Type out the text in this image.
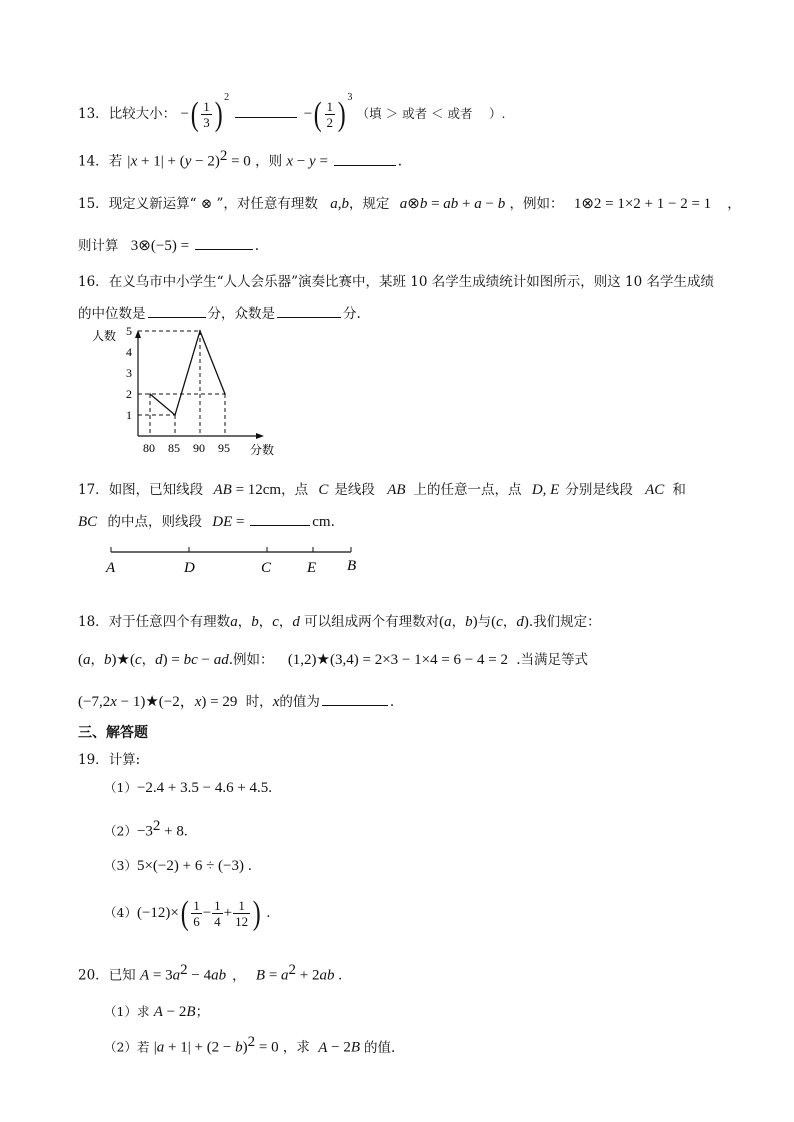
13．比较大小： −( $\frac{1}{3}$ ) $^2$  −( $\frac{1}{2}$ ) $^3$ （填 ＞ 或者 ＜ 或者 　）.
14．若 $|x + 1| + (y - 2)^2 = 0$ ，则 x − y =	.
15．现定义新运算“ ⊗ ”，对任意有理数 a,b，规定 a⊗b = ab + a − b ，例如： 1⊗2 = 1×2 + 1 − 2 = 1 ，
则计算 3⊗(−5) =	.
16．在义乌市中小学生“人人会乐器”演奏比赛中，某班 10 名学生成绩统计如图所示，则这 10 名学生成绩
的中位数是	分，众数是	分.
1
2
3
4
5
80 85 90 95
人数
分数
17．如图，已知线段 AB = 12cm，点 C 是线段 AB 上的任意一点，点 D, E 分别是线段 AC 和
BC 的中点，则线段 DE =	cm.
A	D	C E B
18．对于任意四个有理数a，b，c，d 可以组成两个有理数对(a，b)与(c，d).我们规定：
(a，b)★(c，d) = bc − ad.例如： (1,2)★(3,4) = 2×3 − 1×4 = 6 − 4 = 2 .当满足等式
(−7,2x − 1)★(−2，x) = 29 时，x的值为	.
三、解答题
19．计算:
（1）−2.4 + 3.5 − 4.6 + 4.5.
$(2)-3^2 + 8$.
（3）5×(−2) + 6 ÷ (−3) .
$(4)(-12)\times( \frac{1}{6} - \frac{1}{4} + \frac{1}{12}$ ) .
20．已知 $A = 3a^2 - 4ab$ ， $B = a^2 + 2ab$ .
（1）求 A − 2B；
（2）若 $|a + 1| + (2 - b)^2 = 0$ ，求 A − 2B 的值.
